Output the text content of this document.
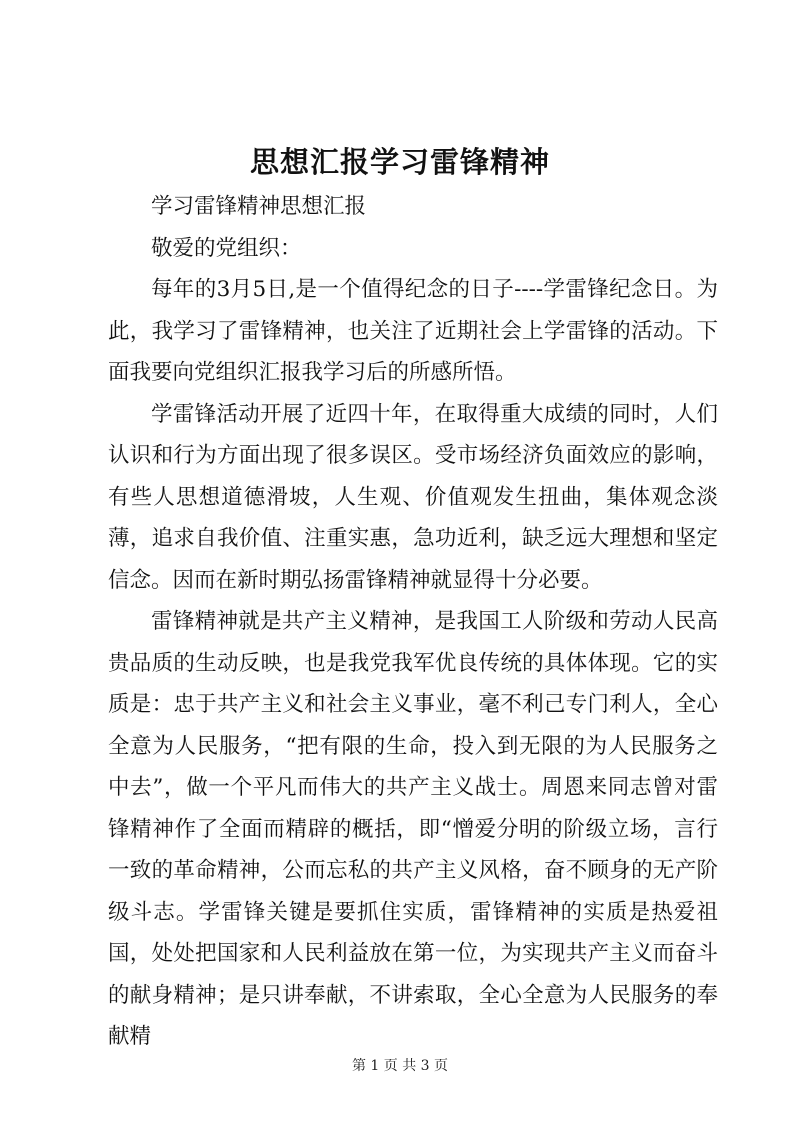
思想汇报学习雷锋精神

学习雷锋精神思想汇报

敬爱的党组织：

每年的3月5日,是一个值得纪念的日子----学雷锋纪念日。为此，我学习了雷锋精神，也关注了近期社会上学雷锋的活动。下面我要向党组织汇报我学习后的所感所悟。

学雷锋活动开展了近四十年，在取得重大成绩的同时，人们认识和行为方面出现了很多误区。受市场经济负面效应的影响，有些人思想道德滑坡，人生观、价值观发生扭曲，集体观念淡薄，追求自我价值、注重实惠，急功近利，缺乏远大理想和坚定信念。因而在新时期弘扬雷锋精神就显得十分必要。

雷锋精神就是共产主义精神，是我国工人阶级和劳动人民高贵品质的生动反映，也是我党我军优良传统的具体体现。它的实质是：忠于共产主义和社会主义事业，毫不利己专门利人，全心全意为人民服务，“把有限的生命，投入到无限的为人民服务之中去”，做一个平凡而伟大的共产主义战士。周恩来同志曾对雷锋精神作了全面而精辟的概括，即“憎爱分明的阶级立场，言行一致的革命精神，公而忘私的共产主义风格，奋不顾身的无产阶级斗志。学雷锋关键是要抓住实质，雷锋精神的实质是热爱祖国，处处把国家和人民利益放在第一位，为实现共产主义而奋斗的献身精神；是只讲奉献，不讲索取，全心全意为人民服务的奉献精

第 1 页 共 3 页
